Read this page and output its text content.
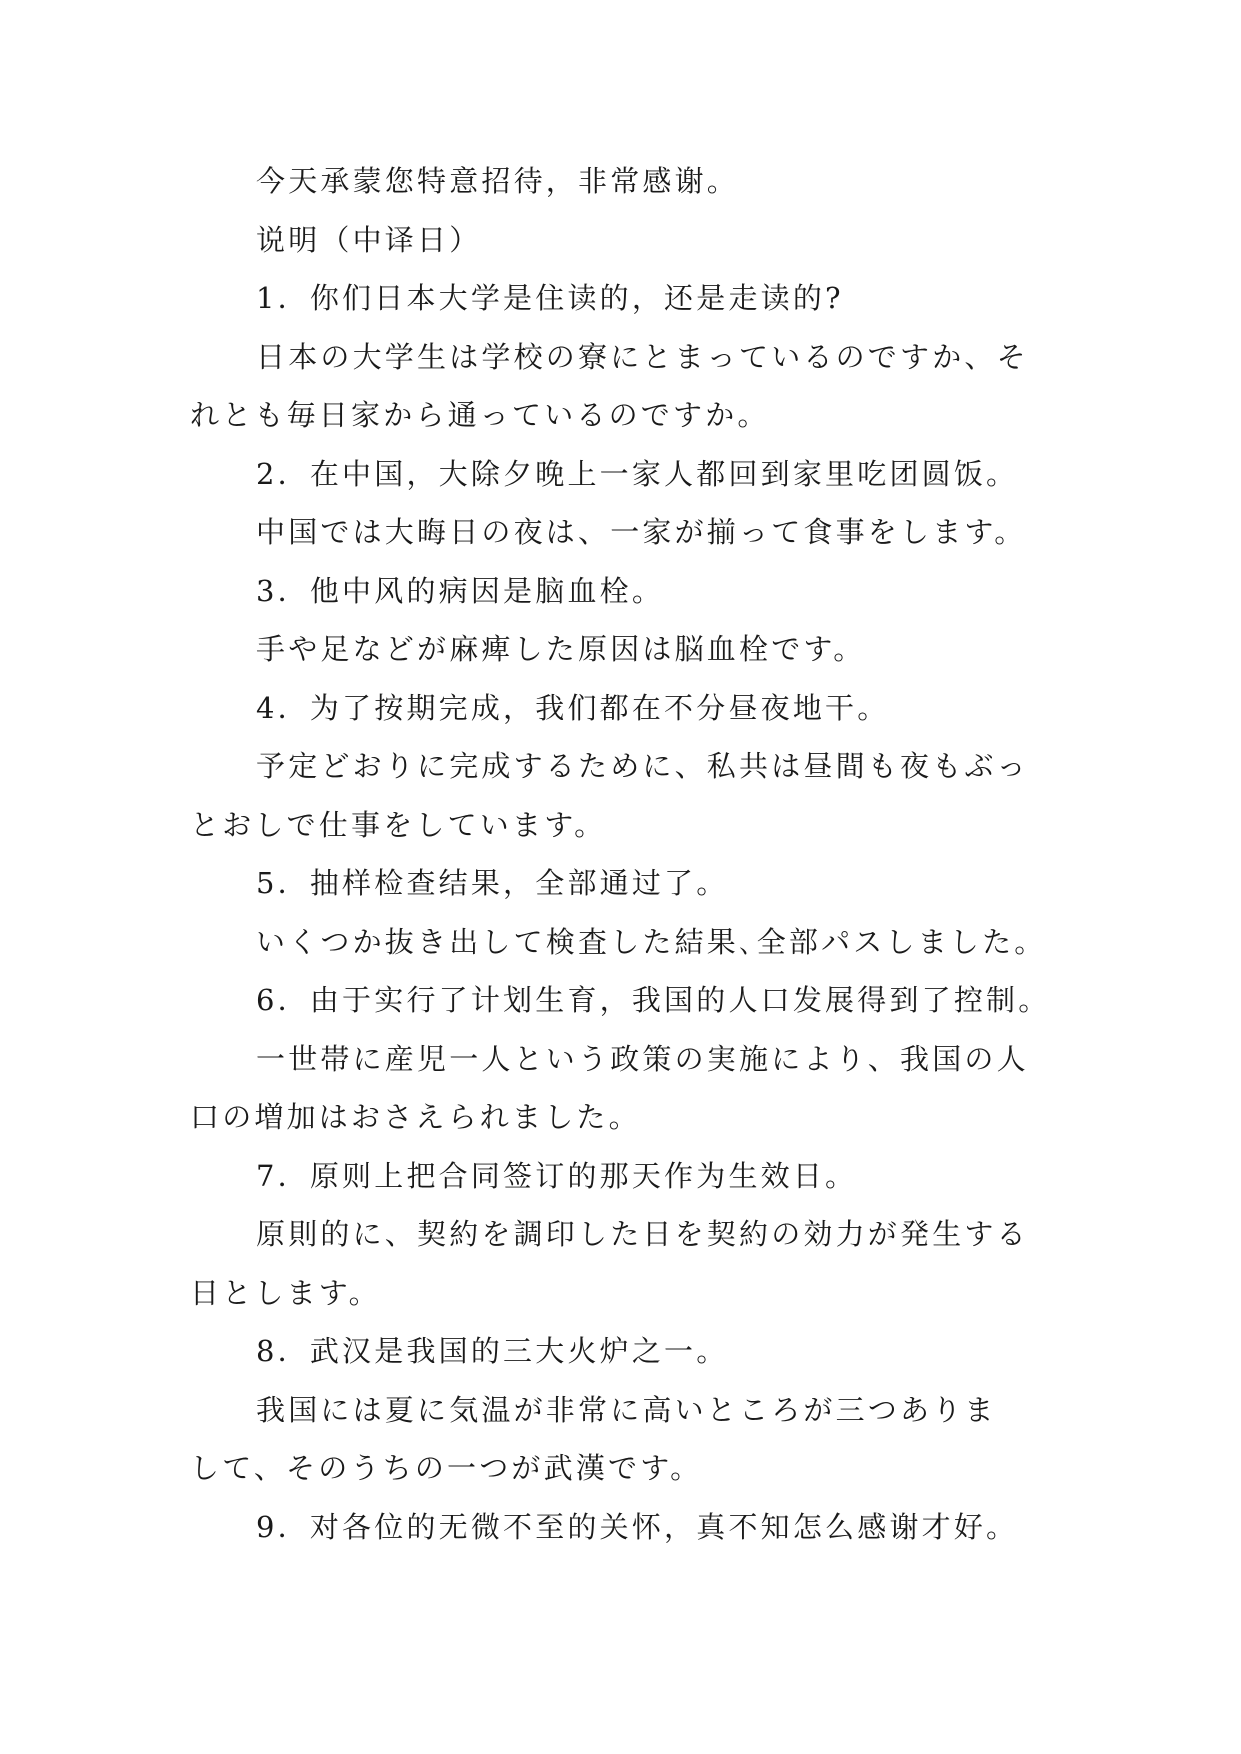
今天承蒙您特意招待，非常感谢。
说明（中译日）
1．你们日本大学是住读的，还是走读的?
日本の大学生は学校の寮にとまっているのですか、そ
れとも毎日家から通っているのですか。
2．在中国，大除夕晚上一家人都回到家里吃团圆饭。
中国では大晦日の夜は、一家が揃って食事をします。
3．他中风的病因是脑血栓。
手や足などが麻痺した原因は脳血栓です。
4．为了按期完成，我们都在不分昼夜地干。
予定どおりに完成するために、私共は昼間も夜もぶっ
とおしで仕事をしています。
5．抽样检查结果，全部通过了。
いくつか抜き出して検査した結果､全部パスしました。
6．由于实行了计划生育，我国的人口发展得到了控制。
一世帯に産児一人という政策の実施により、我国の人
口の増加はおさえられました。
7．原则上把合同签订的那天作为生效日。
原則的に、契約を調印した日を契約の効力が発生する
日とします。
8．武汉是我国的三大火炉之一。
我国には夏に気温が非常に高いところが三つありま
して、そのうちの一つが武漢です。
9．对各位的无微不至的关怀，真不知怎么感谢才好。
